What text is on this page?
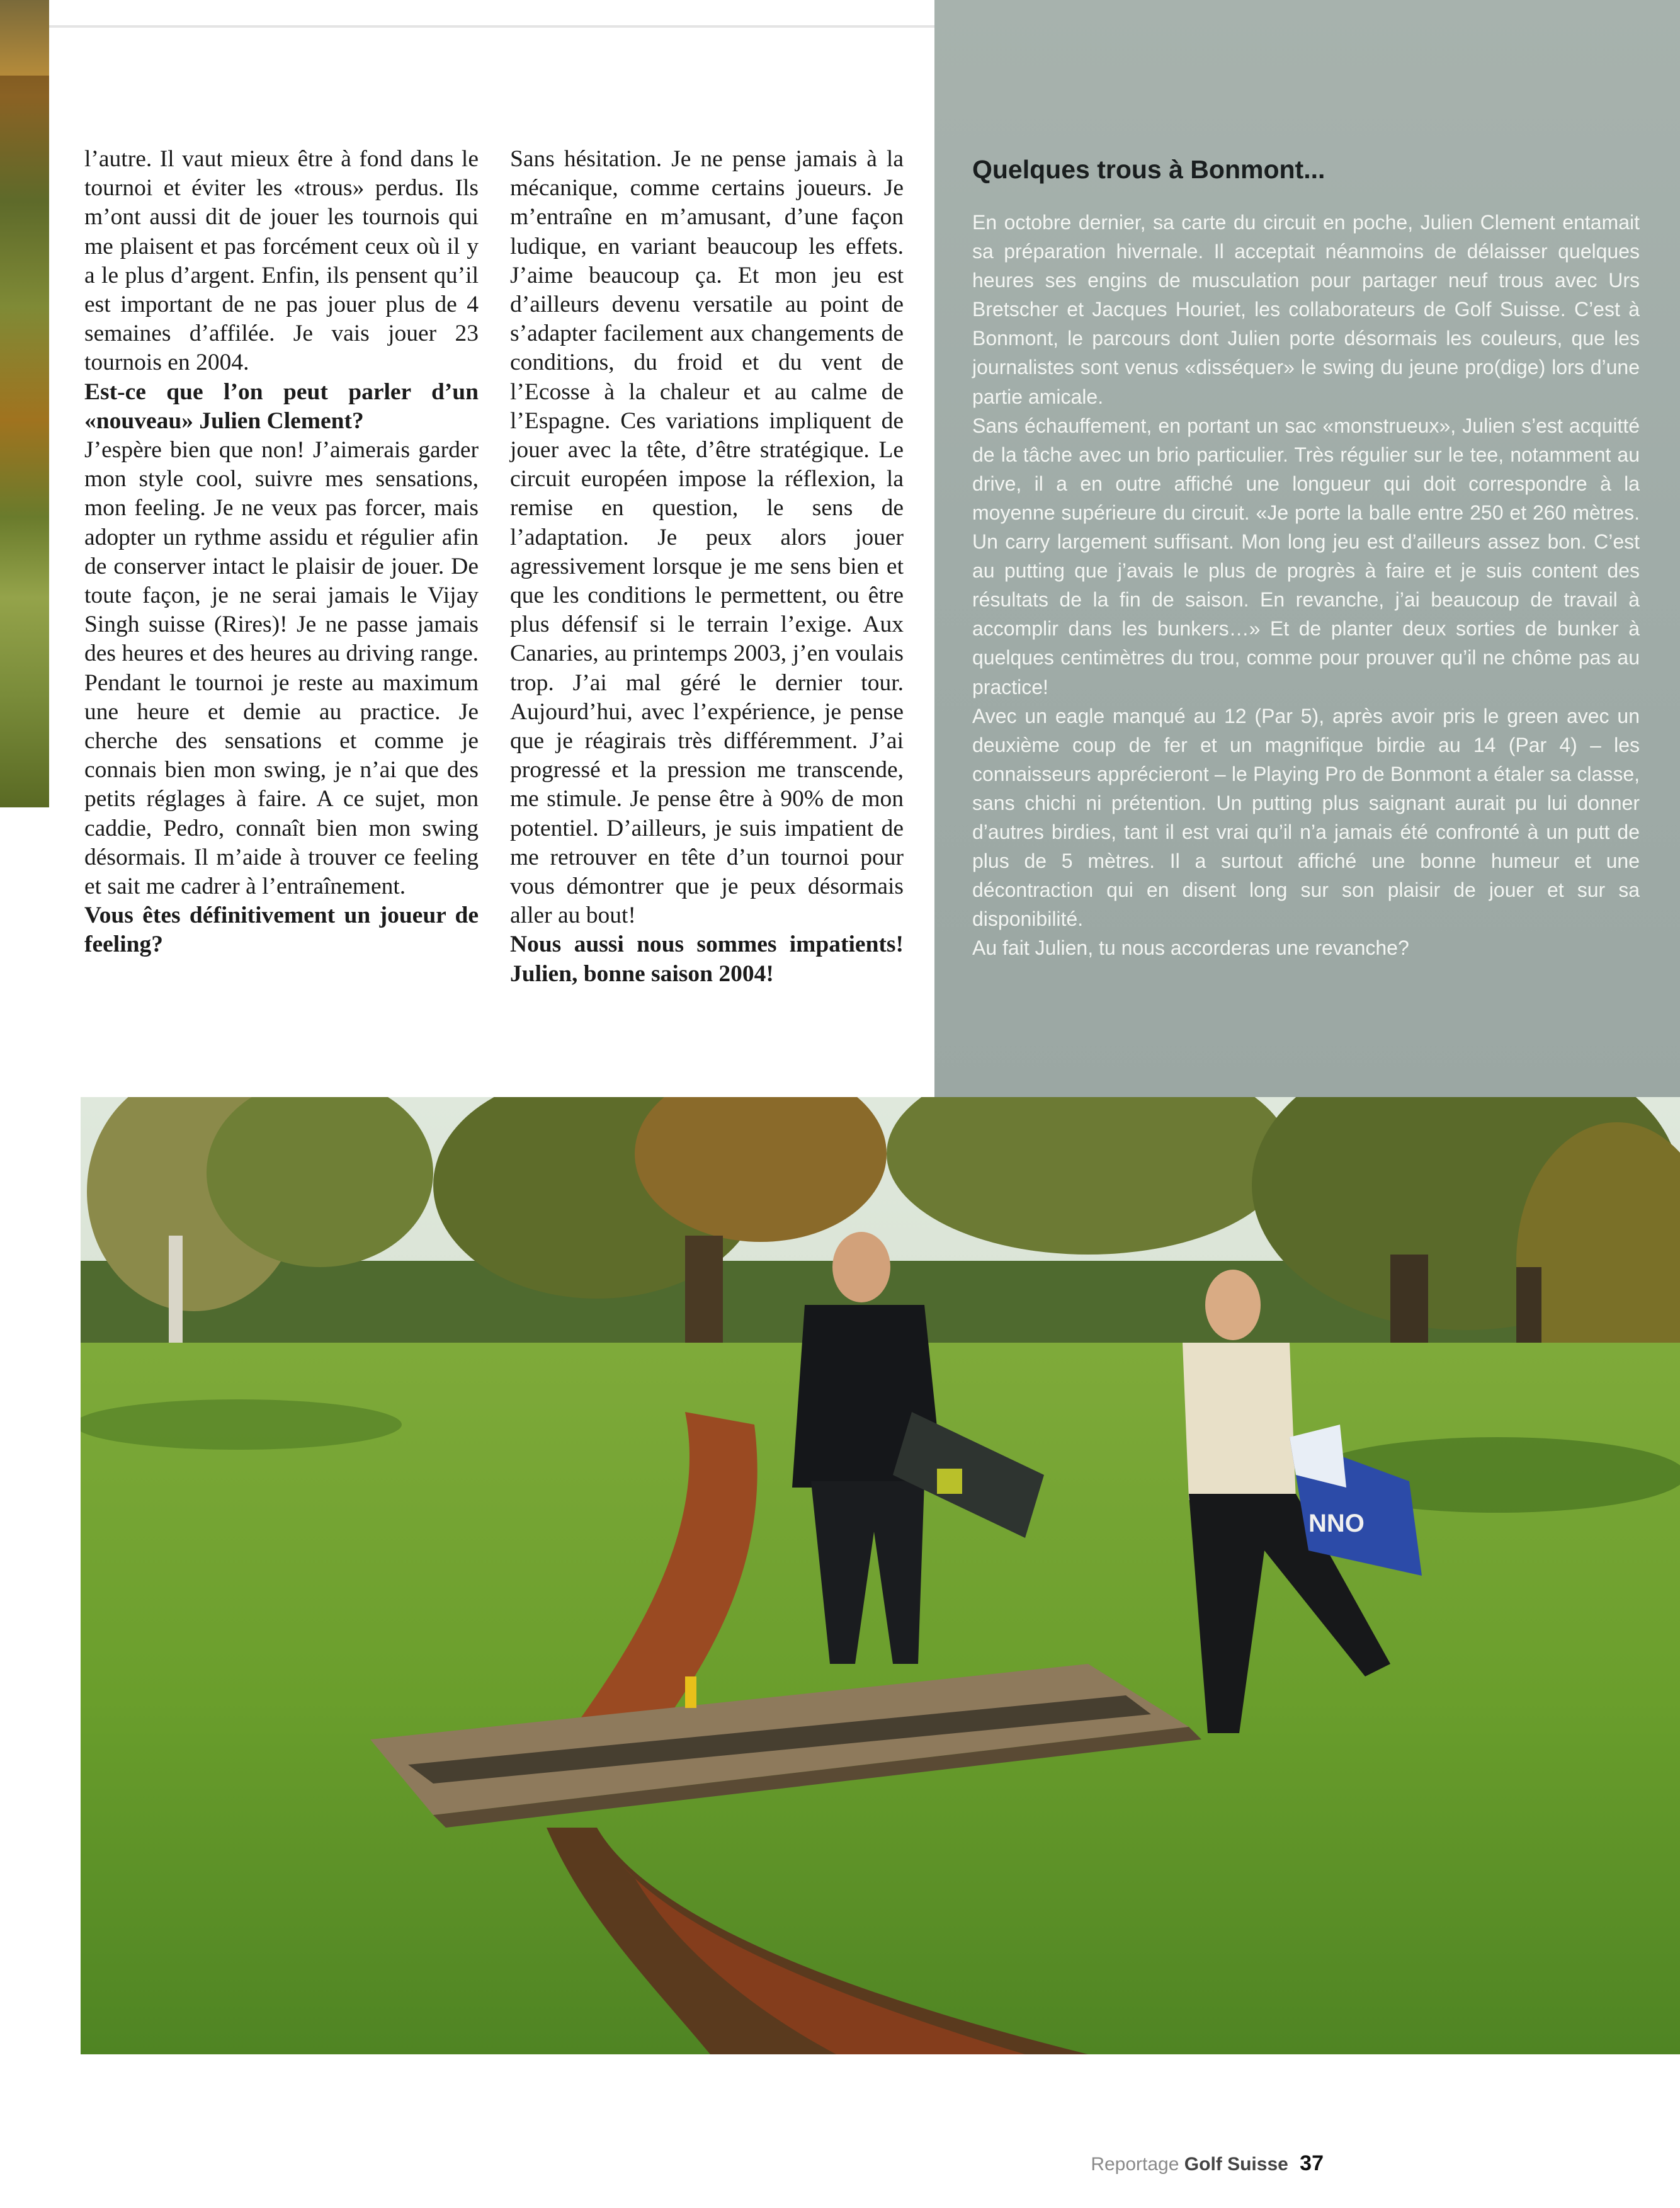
l’autre. Il vaut mieux être à fond dans le tournoi et éviter les «trous» perdus. Ils m’ont aussi dit de jouer les tournois qui me plaisent et pas forcément ceux où il y a le plus d’argent. Enfin, ils pensent qu’il est important de ne pas jouer plus de 4 semaines d’affilée. Je vais jouer 23 tournois en 2004.

Est-ce que l’on peut parler d’un «nouveau» Julien Clement?

J’espère bien que non! J’aimerais garder mon style cool, suivre mes sensations, mon feeling. Je ne veux pas forcer, mais adopter un rythme assidu et régulier afin de conserver intact le plaisir de jouer. De toute façon, je ne serai jamais le Vijay Singh suisse (Rires)! Je ne passe jamais des heures et des heures au driving range. Pendant le tournoi je reste au maximum une heure et demie au practice. Je cherche des sensations et comme je connais bien mon swing, je n’ai que des petits réglages à faire. A ce sujet, mon caddie, Pedro, connaît bien mon swing désormais. Il m’aide à trouver ce feeling et sait me cadrer à l’entraînement.

Vous êtes définitivement un joueur de feeling?

Sans hésitation. Je ne pense jamais à la mécanique, comme certains joueurs. Je m’entraîne en m’amusant, d’une façon ludique, en variant beaucoup les effets. J’aime beaucoup ça. Et mon jeu est d’ailleurs devenu versatile au point de s’adapter facilement aux changements de conditions, du froid et du vent de l’Ecosse à la chaleur et au calme de l’Espagne. Ces variations impliquent de jouer avec la tête, d’être stratégique. Le circuit européen impose la réflexion, la remise en question, le sens de l’adaptation. Je peux alors jouer agressivement lorsque je me sens bien et que les conditions le permettent, ou être plus défensif si le terrain l’exige. Aux Canaries, au printemps 2003, j’en voulais trop. J’ai mal géré le dernier tour. Aujourd’hui, avec l’expérience, je pense que je réagirais très différemment. J’ai progressé et la pression me transcende, me stimule. Je pense être à 90% de mon potentiel. D’ailleurs, je suis impatient de me retrouver en tête d’un tournoi pour vous démontrer que je peux désormais aller au bout!

Nous aussi nous sommes impatients! Julien, bonne saison 2004!

Quelques trous à Bonmont...

En octobre dernier, sa carte du circuit en poche, Julien Clement entamait sa préparation hivernale. Il acceptait néanmoins de délaisser quelques heures ses engins de musculation pour partager neuf trous avec Urs Bretscher et Jacques Houriet, les collaborateurs de Golf Suisse. C’est à Bonmont, le parcours dont Julien porte désormais les couleurs, que les journalistes sont venus «disséquer» le swing du jeune pro(dige) lors d’une partie amicale.

Sans échauffement, en portant un sac «monstrueux», Julien s’est acquitté de la tâche avec un brio particulier. Très régulier sur le tee, notamment au drive, il a en outre affiché une longueur qui doit correspondre à la moyenne supérieure du circuit. «Je porte la balle entre 250 et 260 mètres. Un carry largement suffisant. Mon long jeu est d’ailleurs assez bon. C’est au putting que j’avais le plus de progrès à faire et je suis content des résultats de la fin de saison. En revanche, j’ai beaucoup de travail à accomplir dans les bunkers…» Et de planter deux sorties de bunker à quelques centimètres du trou, comme pour prouver qu’il ne chôme pas au practice!

Avec un eagle manqué au 12 (Par 5), après avoir pris le green avec un deuxième coup de fer et un magnifique birdie au 14 (Par 4) – les connaisseurs apprécieront – le Playing Pro de Bonmont a étaler sa classe, sans chichi ni prétention. Un putting plus saignant aurait pu lui donner d’autres birdies, tant il est vrai qu’il n’a jamais été confronté à un putt de plus de 5 mètres. Il a surtout affiché une bonne humeur et une décontraction qui en disent long sur son plaisir de jouer et sur sa disponibilité.

Au fait Julien, tu nous accorderas une revanche?

NNO
Reportage Golf Suisse 37
